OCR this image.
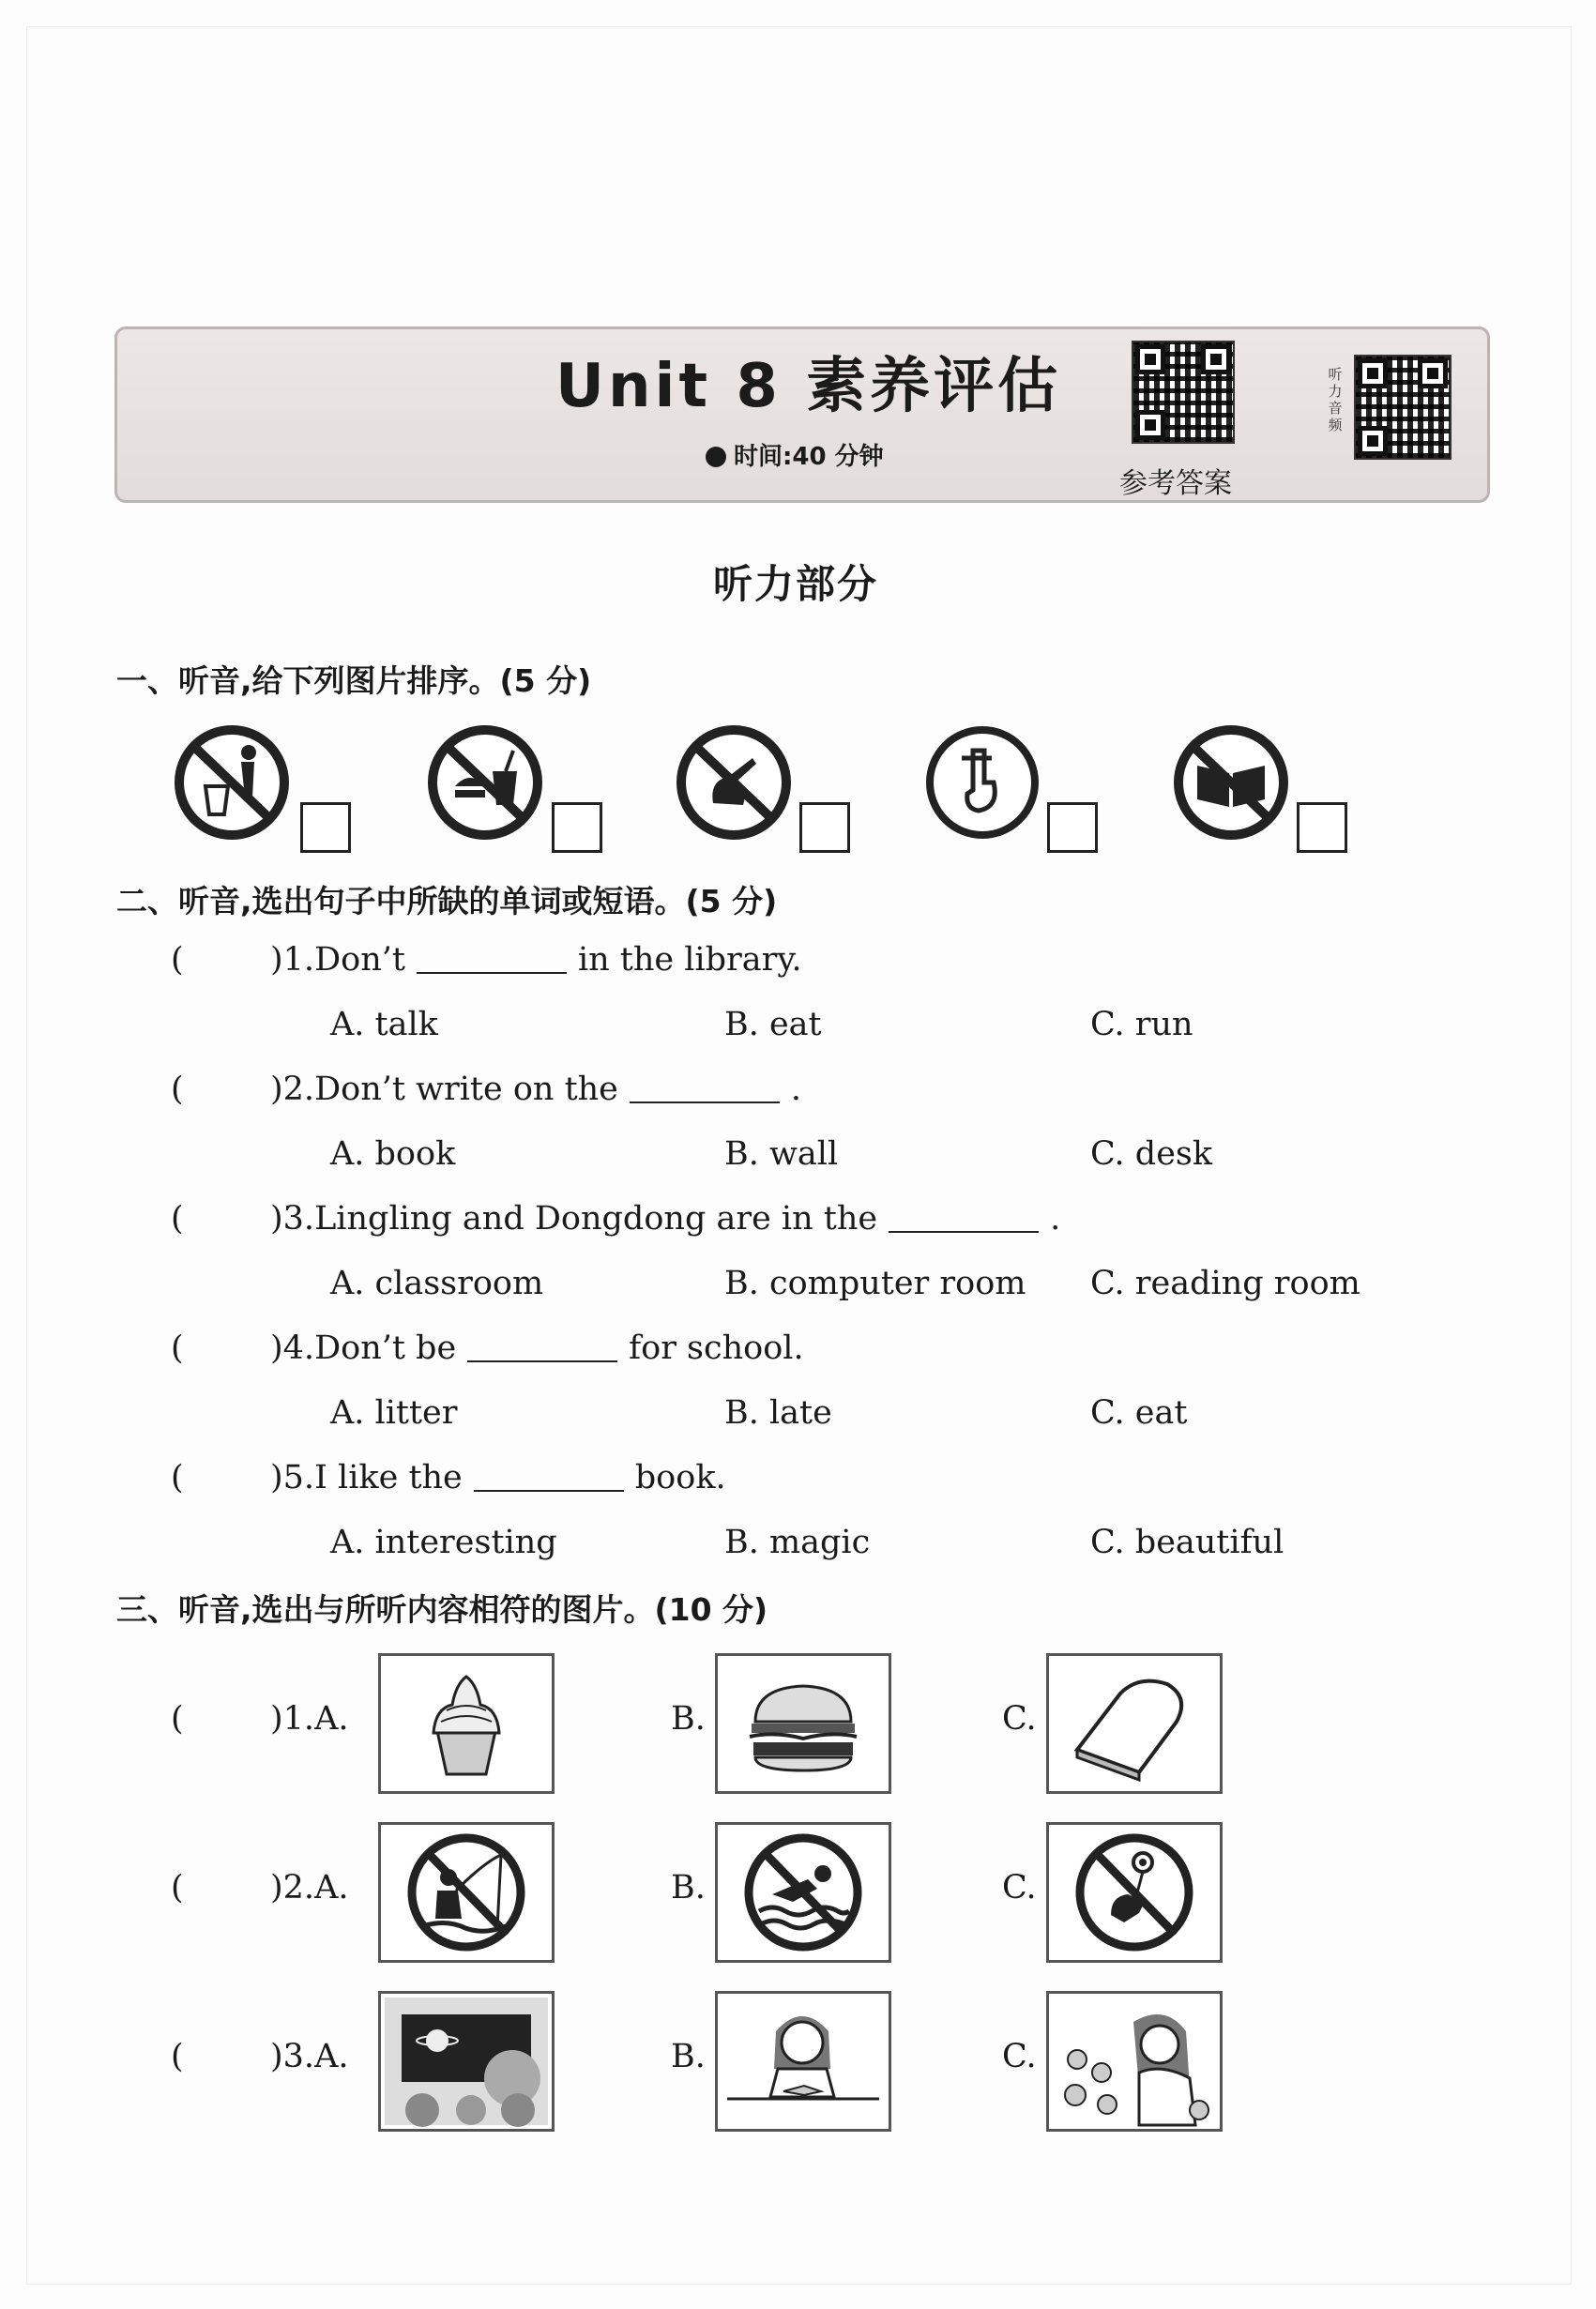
Unit 8 素养评估
时间:40 分钟
参考答案
听力音频
听力部分
一、听音,给下列图片排序。(5 分)
二、听音,选出句子中所缺的单词或短语。(5 分)
(	)1.Don’t	in the library.
A. talk	B. eat	C. run
(	)2.Don’t write on the	.
A. book	B. wall	C. desk
(	)3.Lingling and Dongdong are in the	.
A. classroom	B. computer room C. reading room
(	)4.Don’t be	for school.
A. litter	B. late	C. eat
(	)5.I like the	book.
A. interesting	B. magic	C. beautiful
三、听音,选出与所听内容相符的图片。(10 分)
(	)1.A.	B.	C.
(	)2.A.	B.	C.
(	)3.A.	B.	C.
